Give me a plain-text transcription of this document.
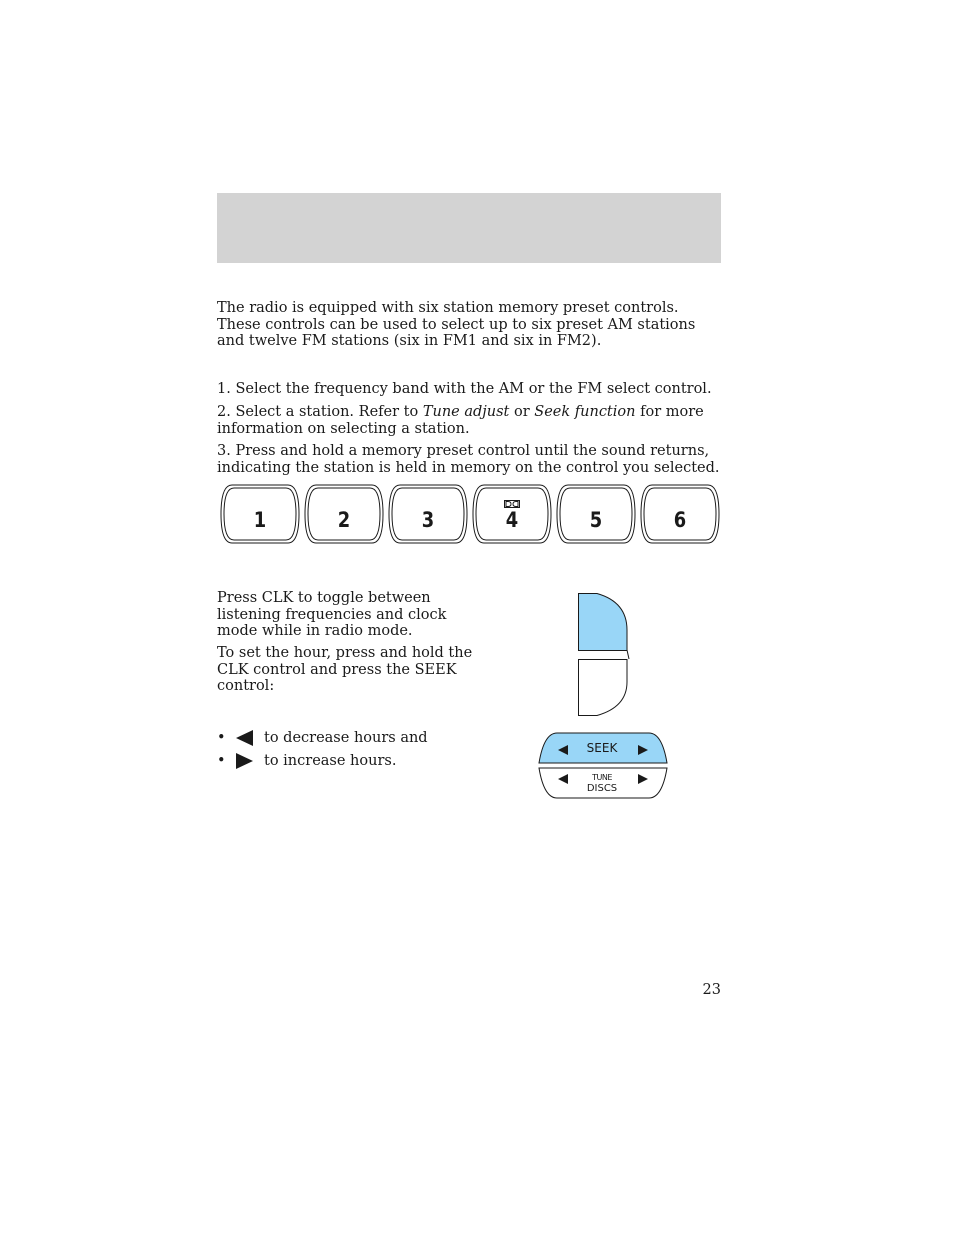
The radio is equipped with six station memory preset controls. These controls can be used to select up to six preset AM stations and twelve FM stations (six in FM1 and six in FM2).

1. Select the frequency band with the AM or the FM select control.

2. Select a station. Refer to Tune adjust or Seek function for more information on selecting a station.

3. Press and hold a memory preset control until the sound returns, indicating the station is held in memory on the control you selected.

1	2	3	4	5	6

Press CLK to toggle between listening frequencies and clock mode while in radio mode.

To set the hour, press and hold the CLK control and press the SEEK control:

•	to decrease hours and
•	to increase hours.
SEEK
TUNE
DISCS
23
